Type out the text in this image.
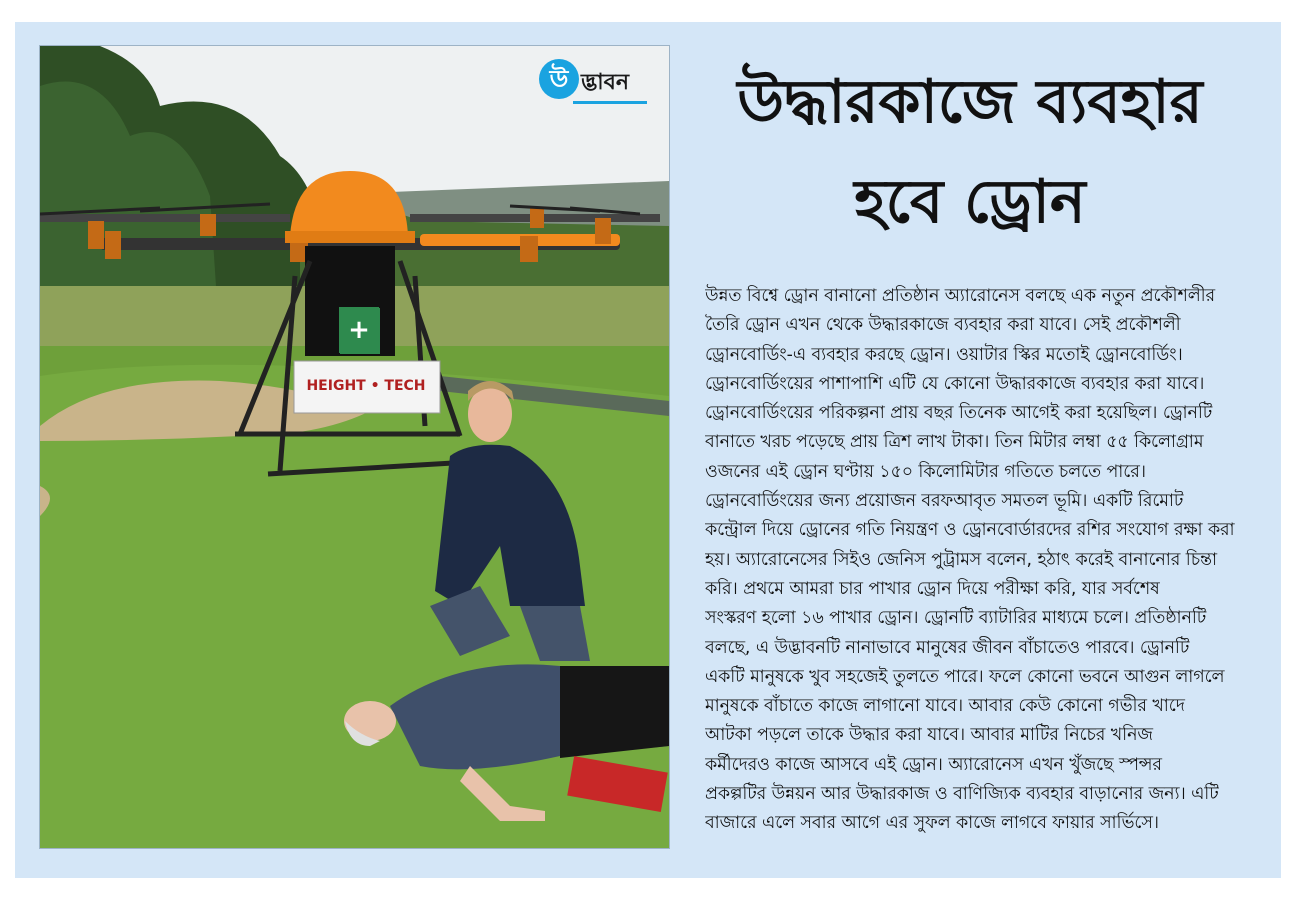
HEIGHT • TECH
+
উ দ্ভাবন	উদ্ধারকাজে ব্যবহার
হবে ড্রোন
উন্নত বিশ্বে ড্রোন বানানো প্রতিষ্ঠান অ্যারোনেস বলছে এক নতুন প্রকৌশলীর
তৈরি ড্রোন এখন থেকে উদ্ধারকাজে ব্যবহার করা যাবে। সেই প্রকৌশলী
ড্রোনবোর্ডিং-এ ব্যবহার করছে ড্রোন। ওয়াটার স্কির মতোই ড্রোনবোর্ডিং।
ড্রোনবোর্ডিংয়ের পাশাপাশি এটি যে কোনো উদ্ধারকাজে ব্যবহার করা যাবে।
ড্রোনবোর্ডিংয়ের পরিকল্পনা প্রায় বছর তিনেক আগেই করা হয়েছিল। ড্রোনটি
বানাতে খরচ পড়েছে প্রায় ত্রিশ লাখ টাকা। তিন মিটার লম্বা ৫৫ কিলোগ্রাম
ওজনের এই ড্রোন ঘণ্টায় ১৫০ কিলোমিটার গতিতে চলতে পারে।
ড্রোনবোর্ডিংয়ের জন্য প্রয়োজন বরফআবৃত সমতল ভূমি। একটি রিমোট
কন্ট্রোল দিয়ে ড্রোনের গতি নিয়ন্ত্রণ ও ড্রোনবোর্ডারদের রশির সংযোগ রক্ষা করা
হয়। অ্যারোনেসের সিইও জেনিস পুট্রামস বলেন, হঠাৎ করেই বানানোর চিন্তা
করি। প্রথমে আমরা চার পাখার ড্রোন দিয়ে পরীক্ষা করি, যার সর্বশেষ
সংস্করণ হলো ১৬ পাখার ড্রোন। ড্রোনটি ব্যাটারির মাধ্যমে চলে। প্রতিষ্ঠানটি
বলছে, এ উদ্ভাবনটি নানাভাবে মানুষের জীবন বাঁচাতেও পারবে। ড্রোনটি
একটি মানুষকে খুব সহজেই তুলতে পারে। ফলে কোনো ভবনে আগুন লাগলে
মানুষকে বাঁচাতে কাজে লাগানো যাবে। আবার কেউ কোনো গভীর খাদে
আটকা পড়লে তাকে উদ্ধার করা যাবে। আবার মাটির নিচের খনিজ
কর্মীদেরও কাজে আসবে এই ড্রোন। অ্যারোনেস এখন খুঁজছে স্পন্সর
প্রকল্পটির উন্নয়ন আর উদ্ধারকাজ ও বাণিজ্যিক ব্যবহার বাড়ানোর জন্য। এটি
বাজারে এলে সবার আগে এর সুফল কাজে লাগবে ফায়ার সার্ভিসে।
